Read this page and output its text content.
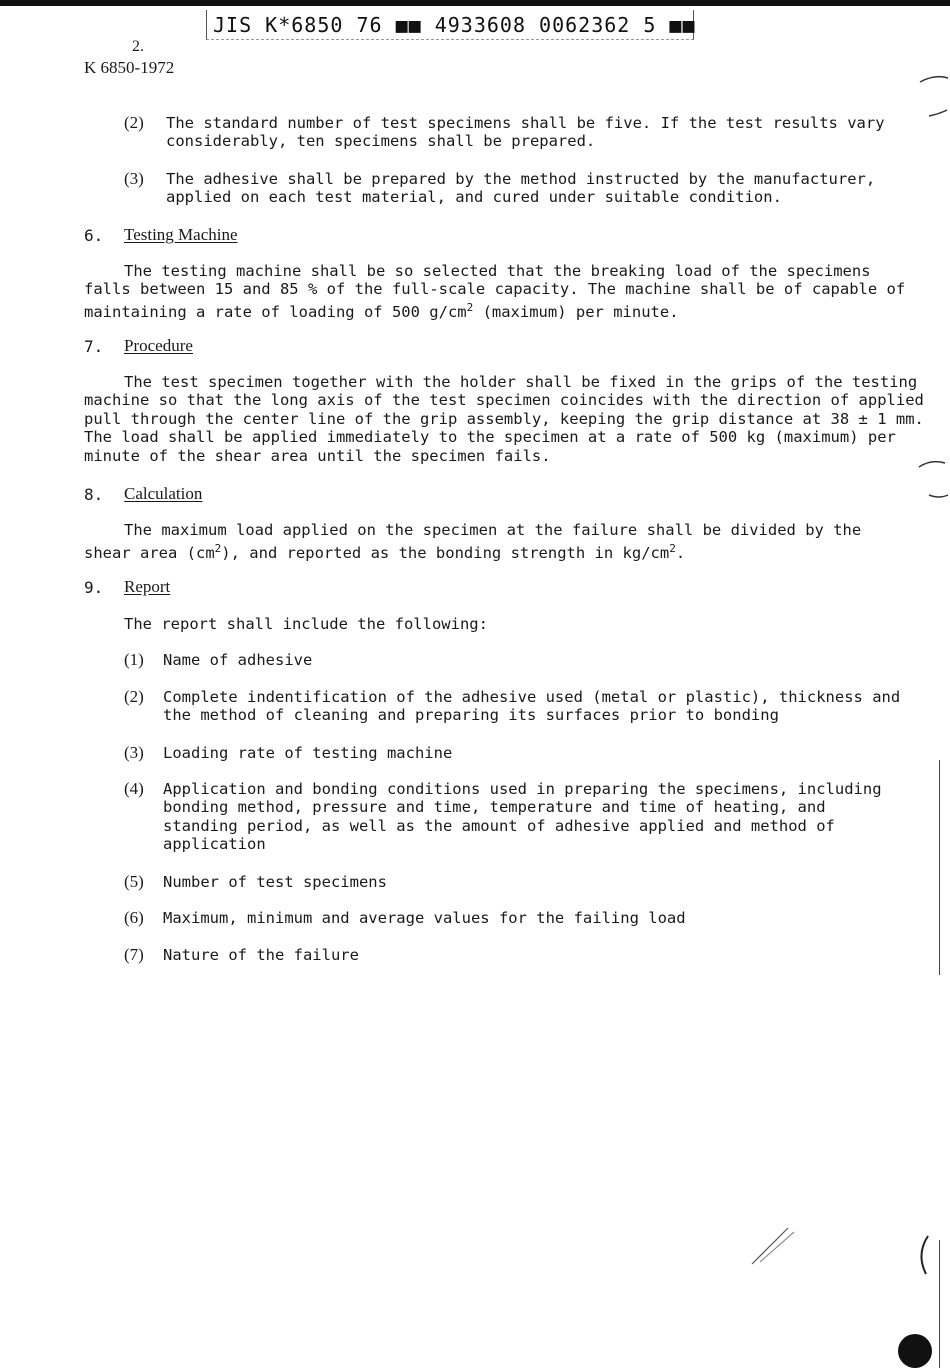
JIS K*6850 76 ■■ 4933608 0062362 5 ■■
2.
K 6850-1972
(2) The standard number of test specimens shall be five. If the test results vary
considerably, ten specimens shall be prepared.
(3) The adhesive shall be prepared by the method instructed by the manufacturer,
applied on each test material, and cured under suitable condition.
6. Testing Machine
The testing machine shall be so selected that the breaking load of the specimens
falls between 15 and 85 % of the full-scale capacity. The machine shall be of capable of
maintaining a rate of loading of 500 $g/cm^2$ (maximum) per minute.
7. Procedure
The test specimen together with the holder shall be fixed in the grips of the testing
machine so that the long axis of the test specimen coincides with the direction of applied
pull through the center line of the grip assembly, keeping the grip distance at 38 ± 1 mm.
The load shall be applied immediately to the specimen at a rate of 500 kg (maximum) per
minute of the shear area until the specimen fails.
8. Calculation
The maximum load applied on the specimen at the failure shall be divided by the
shear area $(cm^2)$, and reported as the bonding strength in $kg/cm^2$.
9. Report
The report shall include the following:
(1) Name of adhesive
(2) Complete indentification of the adhesive used (metal or plastic), thickness and
the method of cleaning and preparing its surfaces prior to bonding
(3) Loading rate of testing machine
(4) Application and bonding conditions used in preparing the specimens, including
bonding method, pressure and time, temperature and time of heating, and
standing period, as well as the amount of adhesive applied and method of
application
(5) Number of test specimens
(6) Maximum, minimum and average values for the failing load
(7) Nature of the failure
